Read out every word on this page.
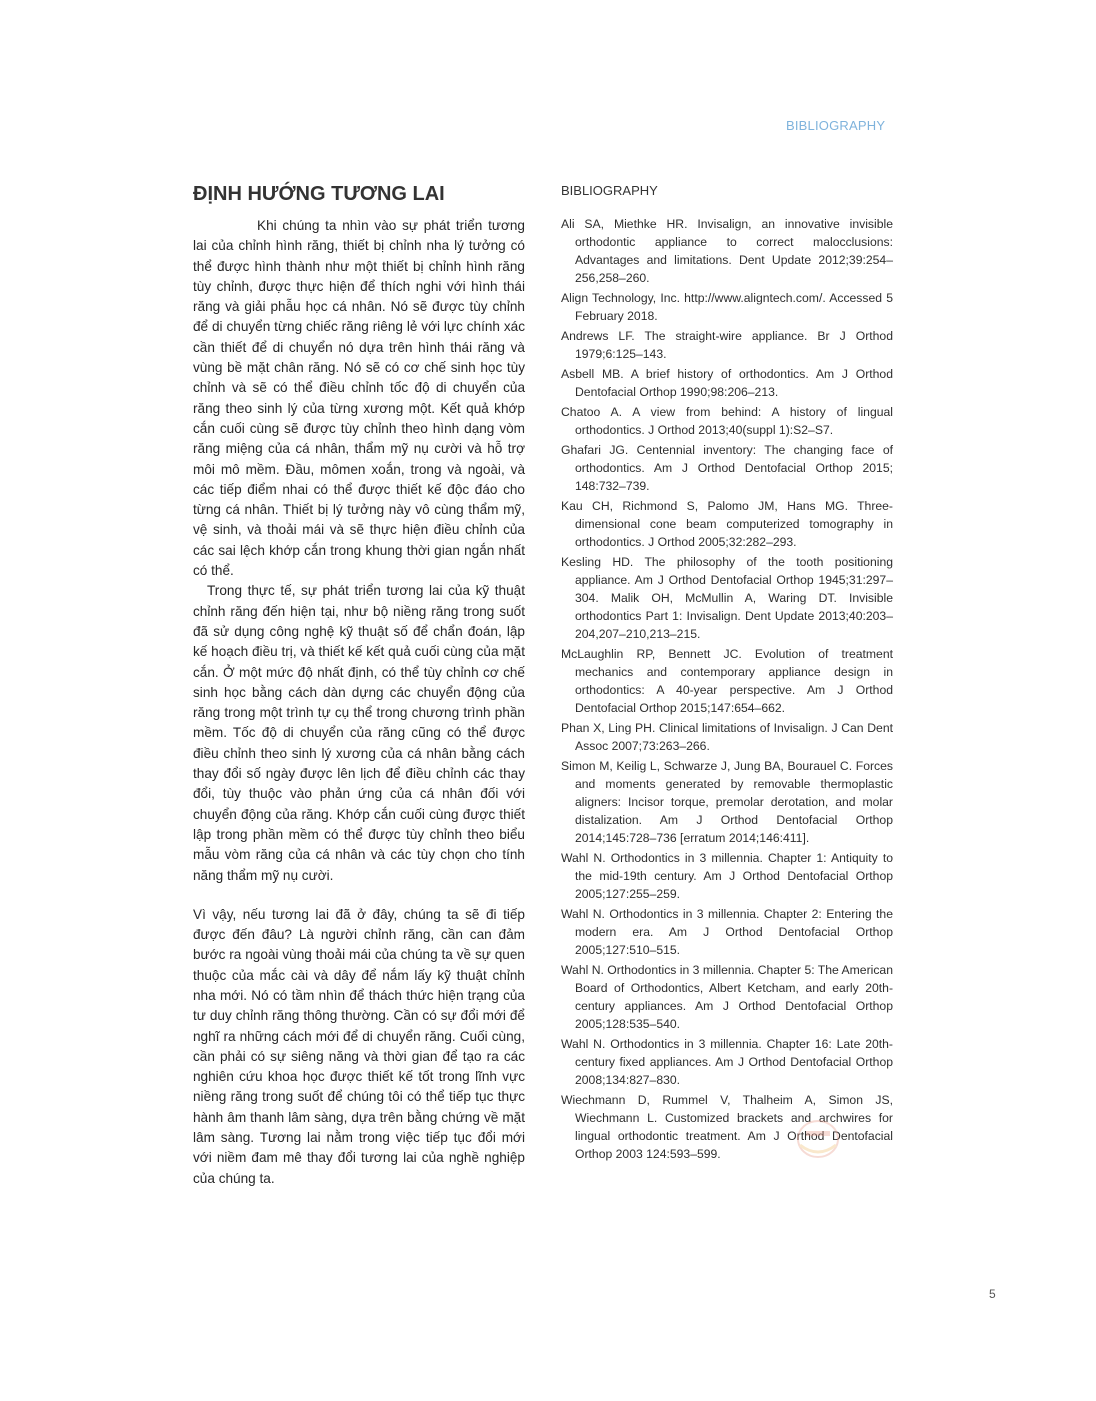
BIBLIOGRAPHY
ĐỊNH HƯỚNG TƯƠNG LAI

Khi chúng ta nhìn vào sự phát triển tương lai của chỉnh hình răng, thiết bị chỉnh nha lý tưởng có thể được hình thành như một thiết bị chỉnh hình răng tùy chỉnh, được thực hiện để thích nghi với hình thái răng và giải phẫu học cá nhân. Nó sẽ được tùy chỉnh để di chuyển từng chiếc răng riêng lẻ với lực chính xác cần thiết để di chuyển nó dựa trên hình thái răng và vùng bề mặt chân răng. Nó sẽ có cơ chế sinh học tùy chỉnh và sẽ có thể điều chỉnh tốc độ di chuyển của răng theo sinh lý của từng xương một. Kết quả khớp cắn cuối cùng sẽ được tùy chỉnh theo hình dạng vòm răng miệng của cá nhân, thẩm mỹ nụ cười và hỗ trợ môi mô mềm. Đầu, mômen xoắn, trong và ngoài, và các tiếp điểm nhai có thể được thiết kế độc đáo cho từng cá nhân. Thiết bị lý tưởng này vô cùng thẩm mỹ, vệ sinh, và thoải mái và sẽ thực hiện điều chỉnh của các sai lệch khớp cắn trong khung thời gian ngắn nhất có thể.

Trong thực tế, sự phát triển tương lai của kỹ thuật chỉnh răng đến hiện tại, như bộ niềng răng trong suốt đã sử dụng công nghệ kỹ thuật số để chẩn đoán, lập kế hoạch điều trị, và thiết kế kết quả cuối cùng của mặt cắn. Ở một mức độ nhất định, có thể tùy chỉnh cơ chế sinh học bằng cách dàn dựng các chuyển động của răng trong một trình tự cụ thể trong chương trình phần mềm. Tốc độ di chuyển của răng cũng có thể được điều chỉnh theo sinh lý xương của cá nhân bằng cách thay đổi số ngày được lên lịch để điều chỉnh các thay đổi, tùy thuộc vào phản ứng của cá nhân đối với chuyển động của răng. Khớp cắn cuối cùng được thiết lập trong phần mềm có thể được tùy chỉnh theo biểu mẫu vòm răng của cá nhân và các tùy chọn cho tính năng thẩm mỹ nụ cười.

Vì vậy, nếu tương lai đã ở đây, chúng ta sẽ đi tiếp được đến đâu? Là người chỉnh răng, cần can đảm bước ra ngoài vùng thoải mái của chúng ta về sự quen thuộc của mắc cài và dây để nắm lấy kỹ thuật chỉnh nha mới. Nó có tầm nhìn để thách thức hiện trạng của tư duy chỉnh răng thông thường. Cần có sự đổi mới để nghĩ ra những cách mới để di chuyển răng. Cuối cùng, cần phải có sự siêng năng và thời gian để tạo ra các nghiên cứu khoa học được thiết kế tốt trong lĩnh vực niềng răng trong suốt để chúng tôi có thể tiếp tục thực hành âm thanh lâm sàng, dựa trên bằng chứng về mặt lâm sàng. Tương lai nằm trong việc tiếp tục đổi mới với niềm đam mê thay đổi tương lai của nghề nghiệp của chúng ta.

BIBLIOGRAPHY
Ali SA, Miethke HR. Invisalign, an innovative invisible orthodontic appliance to correct malocclusions: Advantages and limitations. Dent Update 2012;39:254–256,258–260.
Align Technology, Inc. http://www.aligntech.com/. Accessed 5 February 2018.
Andrews LF. The straight-wire appliance. Br J Orthod 1979;6:125–143.
Asbell MB. A brief history of orthodontics. Am J Orthod Dentofacial Orthop 1990;98:206–213.
Chatoo A. A view from behind: A history of lingual orthodontics. J Orthod 2013;40(suppl 1):S2–S7.
Ghafari JG. Centennial inventory: The changing face of orthodontics. Am J Orthod Dentofacial Orthop 2015; 148:732–739.
Kau CH, Richmond S, Palomo JM, Hans MG. Three-dimensional cone beam computerized tomography in orthodontics. J Orthod 2005;32:282–293.
Kesling HD. The philosophy of the tooth positioning appliance. Am J Orthod Dentofacial Orthop 1945;31:297–304. Malik OH, McMullin A, Waring DT. Invisible orthodontics Part 1: Invisalign. Dent Update 2013;40:203–204,207–210,213–215.
McLaughlin RP, Bennett JC. Evolution of treatment mechanics and contemporary appliance design in orthodontics: A 40-year perspective. Am J Orthod Dentofacial Orthop 2015;147:654–662.
Phan X, Ling PH. Clinical limitations of Invisalign. J Can Dent Assoc 2007;73:263–266.
Simon M, Keilig L, Schwarze J, Jung BA, Bourauel C. Forces and moments generated by removable thermoplastic aligners: Incisor torque, premolar derotation, and molar distalization. Am J Orthod Dentofacial Orthop 2014;145:728–736 [erratum 2014;146:411].
Wahl N. Orthodontics in 3 millennia. Chapter 1: Antiquity to the mid-19th century. Am J Orthod Dentofacial Orthop 2005;127:255–259.
Wahl N. Orthodontics in 3 millennia. Chapter 2: Entering the modern era. Am J Orthod Dentofacial Orthop 2005;127:510–515.
Wahl N. Orthodontics in 3 millennia. Chapter 5: The American Board of Orthodontics, Albert Ketcham, and early 20th-century appliances. Am J Orthod Dentofacial Orthop 2005;128:535–540.
Wahl N. Orthodontics in 3 millennia. Chapter 16: Late 20th-century fixed appliances. Am J Orthod Dentofacial Orthop 2008;134:827–830.
Wiechmann D, Rummel V, Thalheim A, Simon JS, Wiechmann L. Customized brackets and archwires for lingual orthodontic treatment. Am J Orthod Dentofacial Orthop 2003 124:593–599.
5
